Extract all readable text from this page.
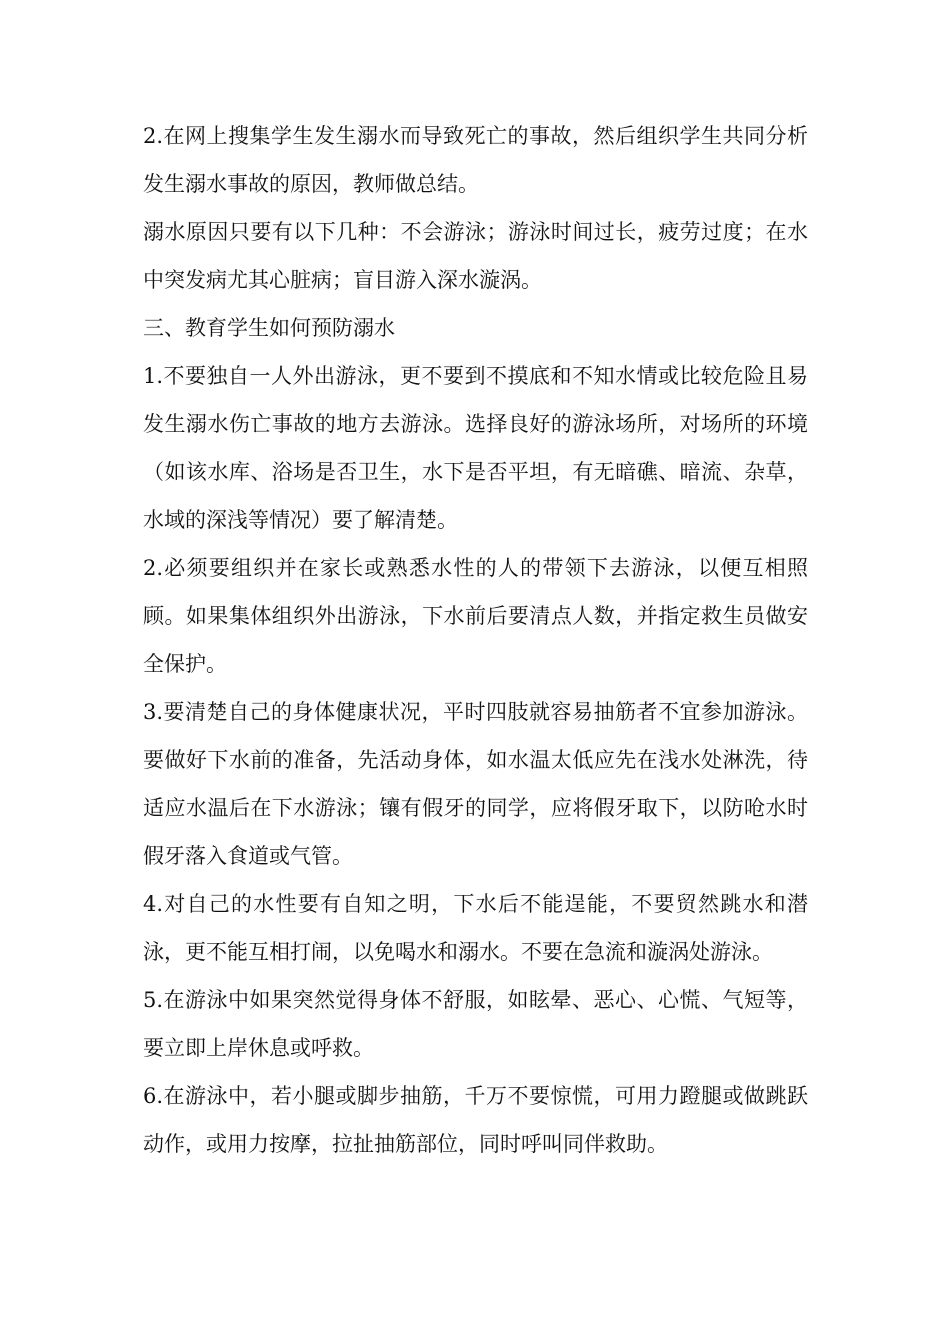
2.在网上搜集学生发生溺水而导致死亡的事故，然后组织学生共同分析发生溺水事故的原因，教师做总结。

溺水原因只要有以下几种：不会游泳；游泳时间过长，疲劳过度；在水中突发病尤其心脏病；盲目游入深水漩涡。

三、教育学生如何预防溺水

1.不要独自一人外出游泳，更不要到不摸底和不知水情或比较危险且易发生溺水伤亡事故的地方去游泳。选择良好的游泳场所，对场所的环境（如该水库、浴场是否卫生，水下是否平坦，有无暗礁、暗流、杂草，水域的深浅等情况）要了解清楚。

2.必须要组织并在家长或熟悉水性的人的带领下去游泳，以便互相照顾。如果集体组织外出游泳，下水前后要清点人数，并指定救生员做安全保护。

3.要清楚自己的身体健康状况，平时四肢就容易抽筋者不宜参加游泳。要做好下水前的准备，先活动身体，如水温太低应先在浅水处淋洗，待适应水温后在下水游泳；镶有假牙的同学，应将假牙取下，以防呛水时假牙落入食道或气管。

4.对自己的水性要有自知之明，下水后不能逞能，不要贸然跳水和潜泳，更不能互相打闹，以免喝水和溺水。不要在急流和漩涡处游泳。

5.在游泳中如果突然觉得身体不舒服，如眩晕、恶心、心慌、气短等，要立即上岸休息或呼救。

6.在游泳中，若小腿或脚步抽筋，千万不要惊慌，可用力蹬腿或做跳跃动作，或用力按摩，拉扯抽筋部位，同时呼叫同伴救助。
